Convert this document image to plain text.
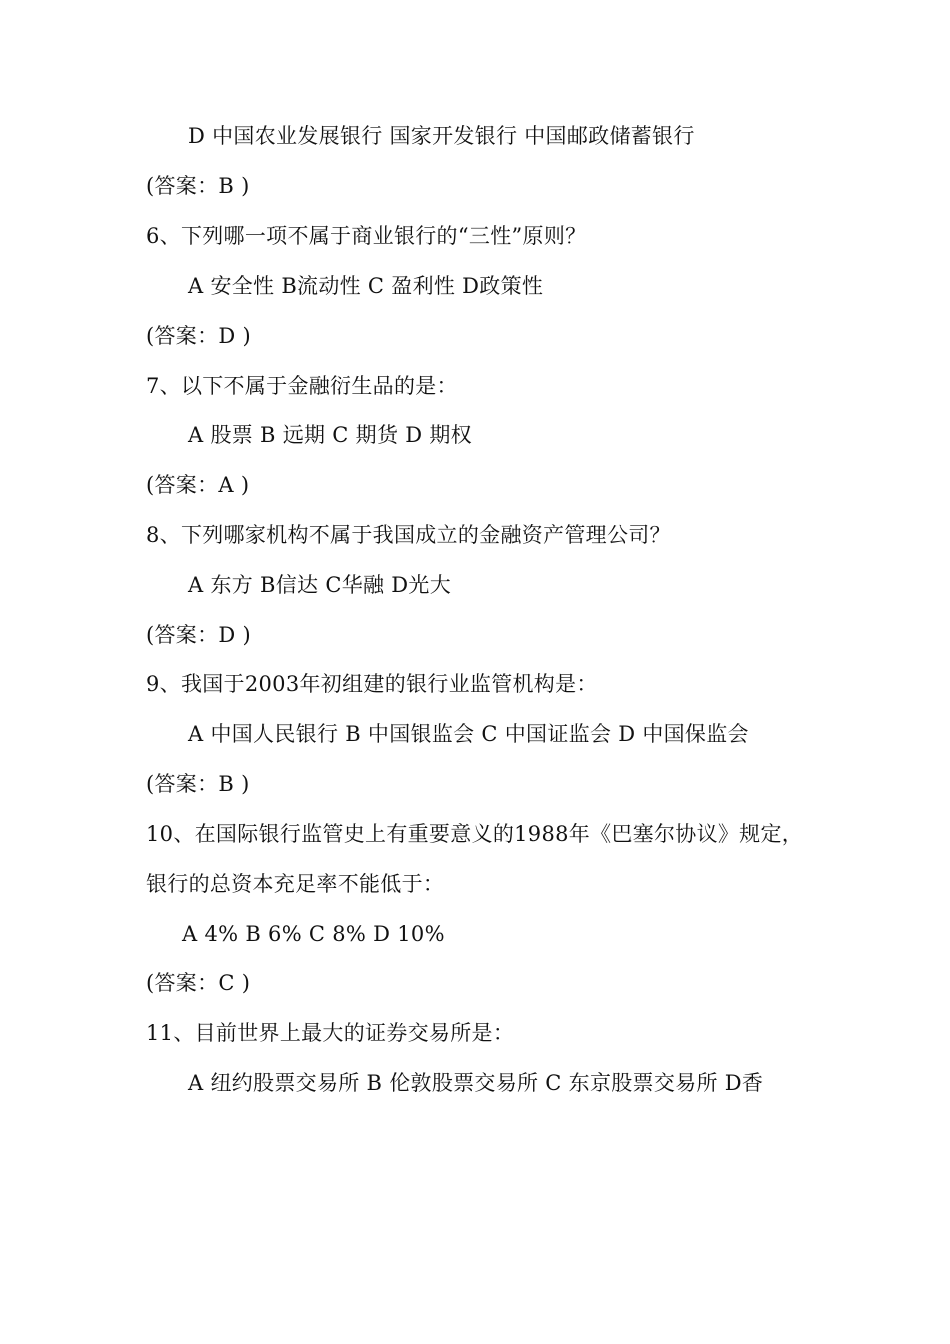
D 中国农业发展银行 国家开发银行 中国邮政储蓄银行
(答案：B )
6、下列哪一项不属于商业银行的“三性”原则？
A 安全性 B流动性 C 盈利性 D政策性
(答案：D )
7、以下不属于金融衍生品的是：
A 股票 B 远期 C 期货 D 期权
(答案：A )
8、下列哪家机构不属于我国成立的金融资产管理公司？
A 东方 B信达 C华融 D光大
(答案：D )
9、我国于2003年初组建的银行业监管机构是：
A 中国人民银行 B 中国银监会 C 中国证监会 D 中国保监会
(答案：B )
10、在国际银行监管史上有重要意义的1988年《巴塞尔协议》规定，
银行的总资本充足率不能低于：
A 4% B 6% C 8% D 10%
(答案：C )
11、目前世界上最大的证券交易所是：
A 纽约股票交易所 B 伦敦股票交易所 C 东京股票交易所 D香
